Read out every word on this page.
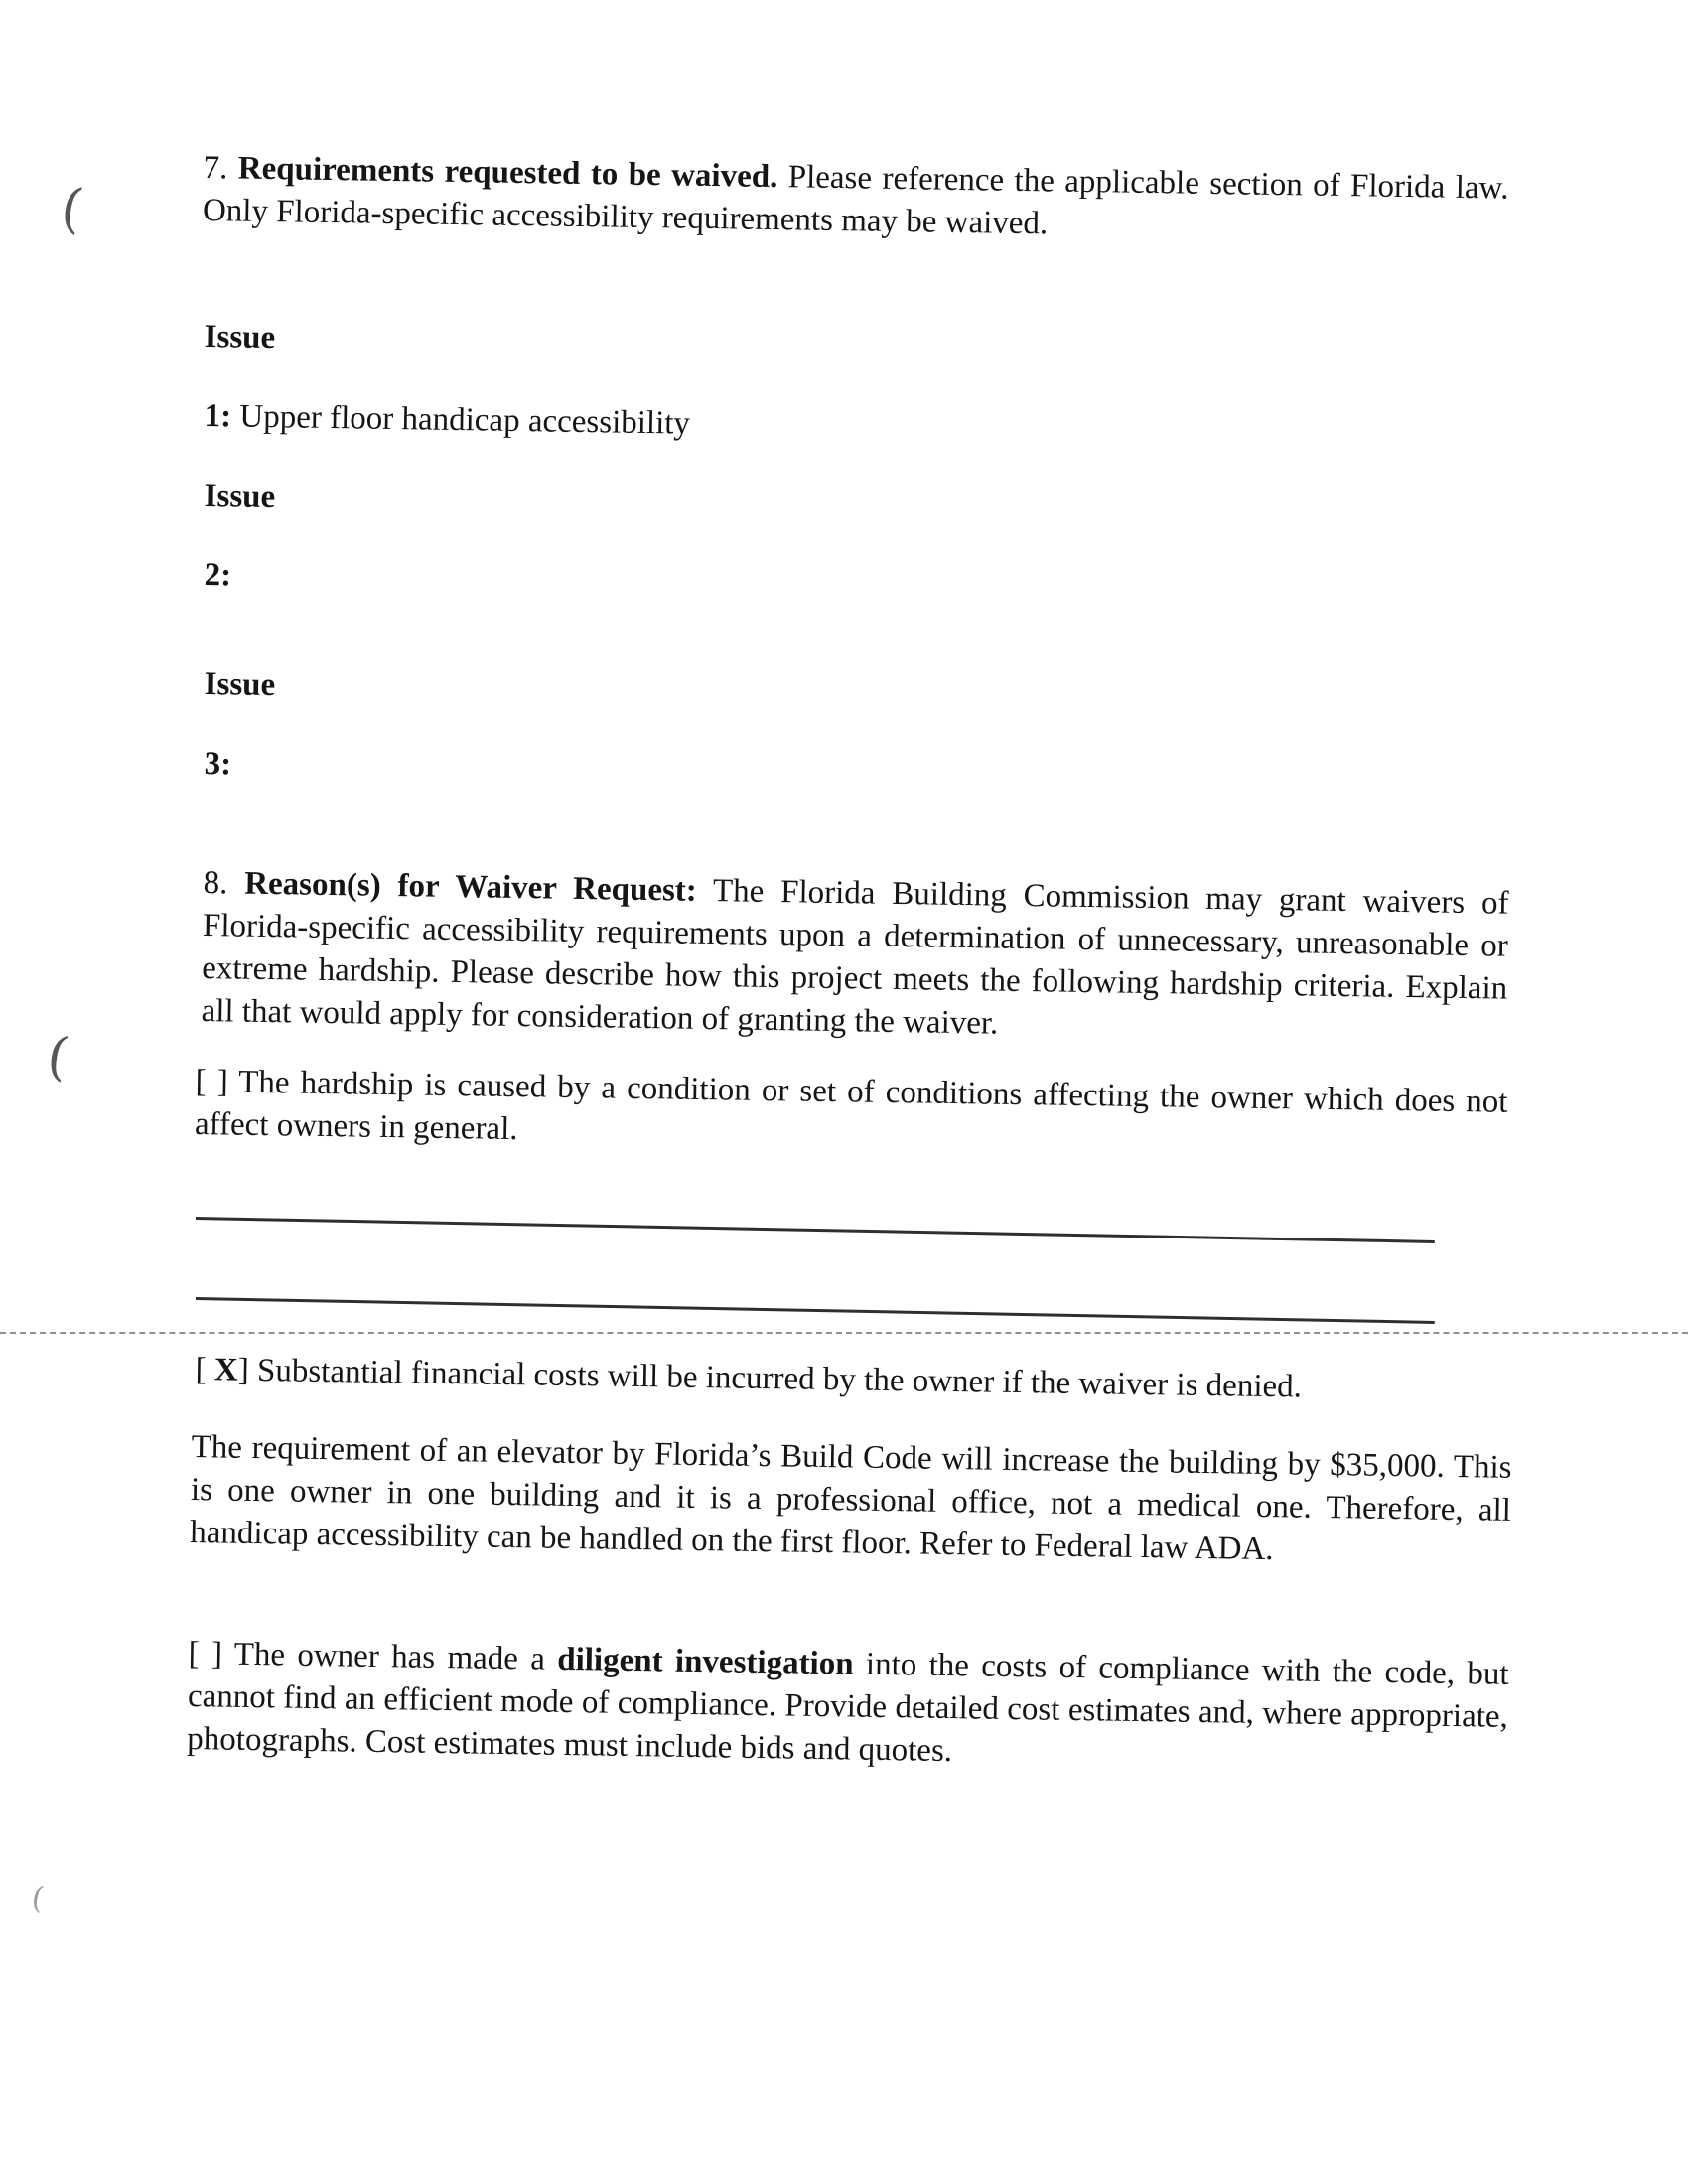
(
(
(

7. Requirements requested to be waived. Please reference the applicable section of Florida law. Only Florida-specific accessibility requirements may be waived.

Issue

1: Upper floor handicap accessibility

Issue

2:

Issue

3:

8. Reason(s) for Waiver Request: The Florida Building Commission may grant waivers of Florida-specific accessibility requirements upon a determination of unnecessary, unreasonable or extreme hardship. Please describe how this project meets the following hardship criteria. Explain all that would apply for consideration of granting the waiver.

[ ] The hardship is caused by a condition or set of conditions affecting the owner which does not affect owners in general.

[ X] Substantial financial costs will be incurred by the owner if the waiver is denied.

The requirement of an elevator by Florida’s Build Code will increase the building by $35,000. This is one owner in one building and it is a professional office, not a medical one. Therefore, all handicap accessibility can be handled on the first floor. Refer to Federal law ADA.

[ ] The owner has made a diligent investigation into the costs of compliance with the code, but cannot find an efficient mode of compliance. Provide detailed cost estimates and, where appropriate, photographs. Cost estimates must include bids and quotes.
